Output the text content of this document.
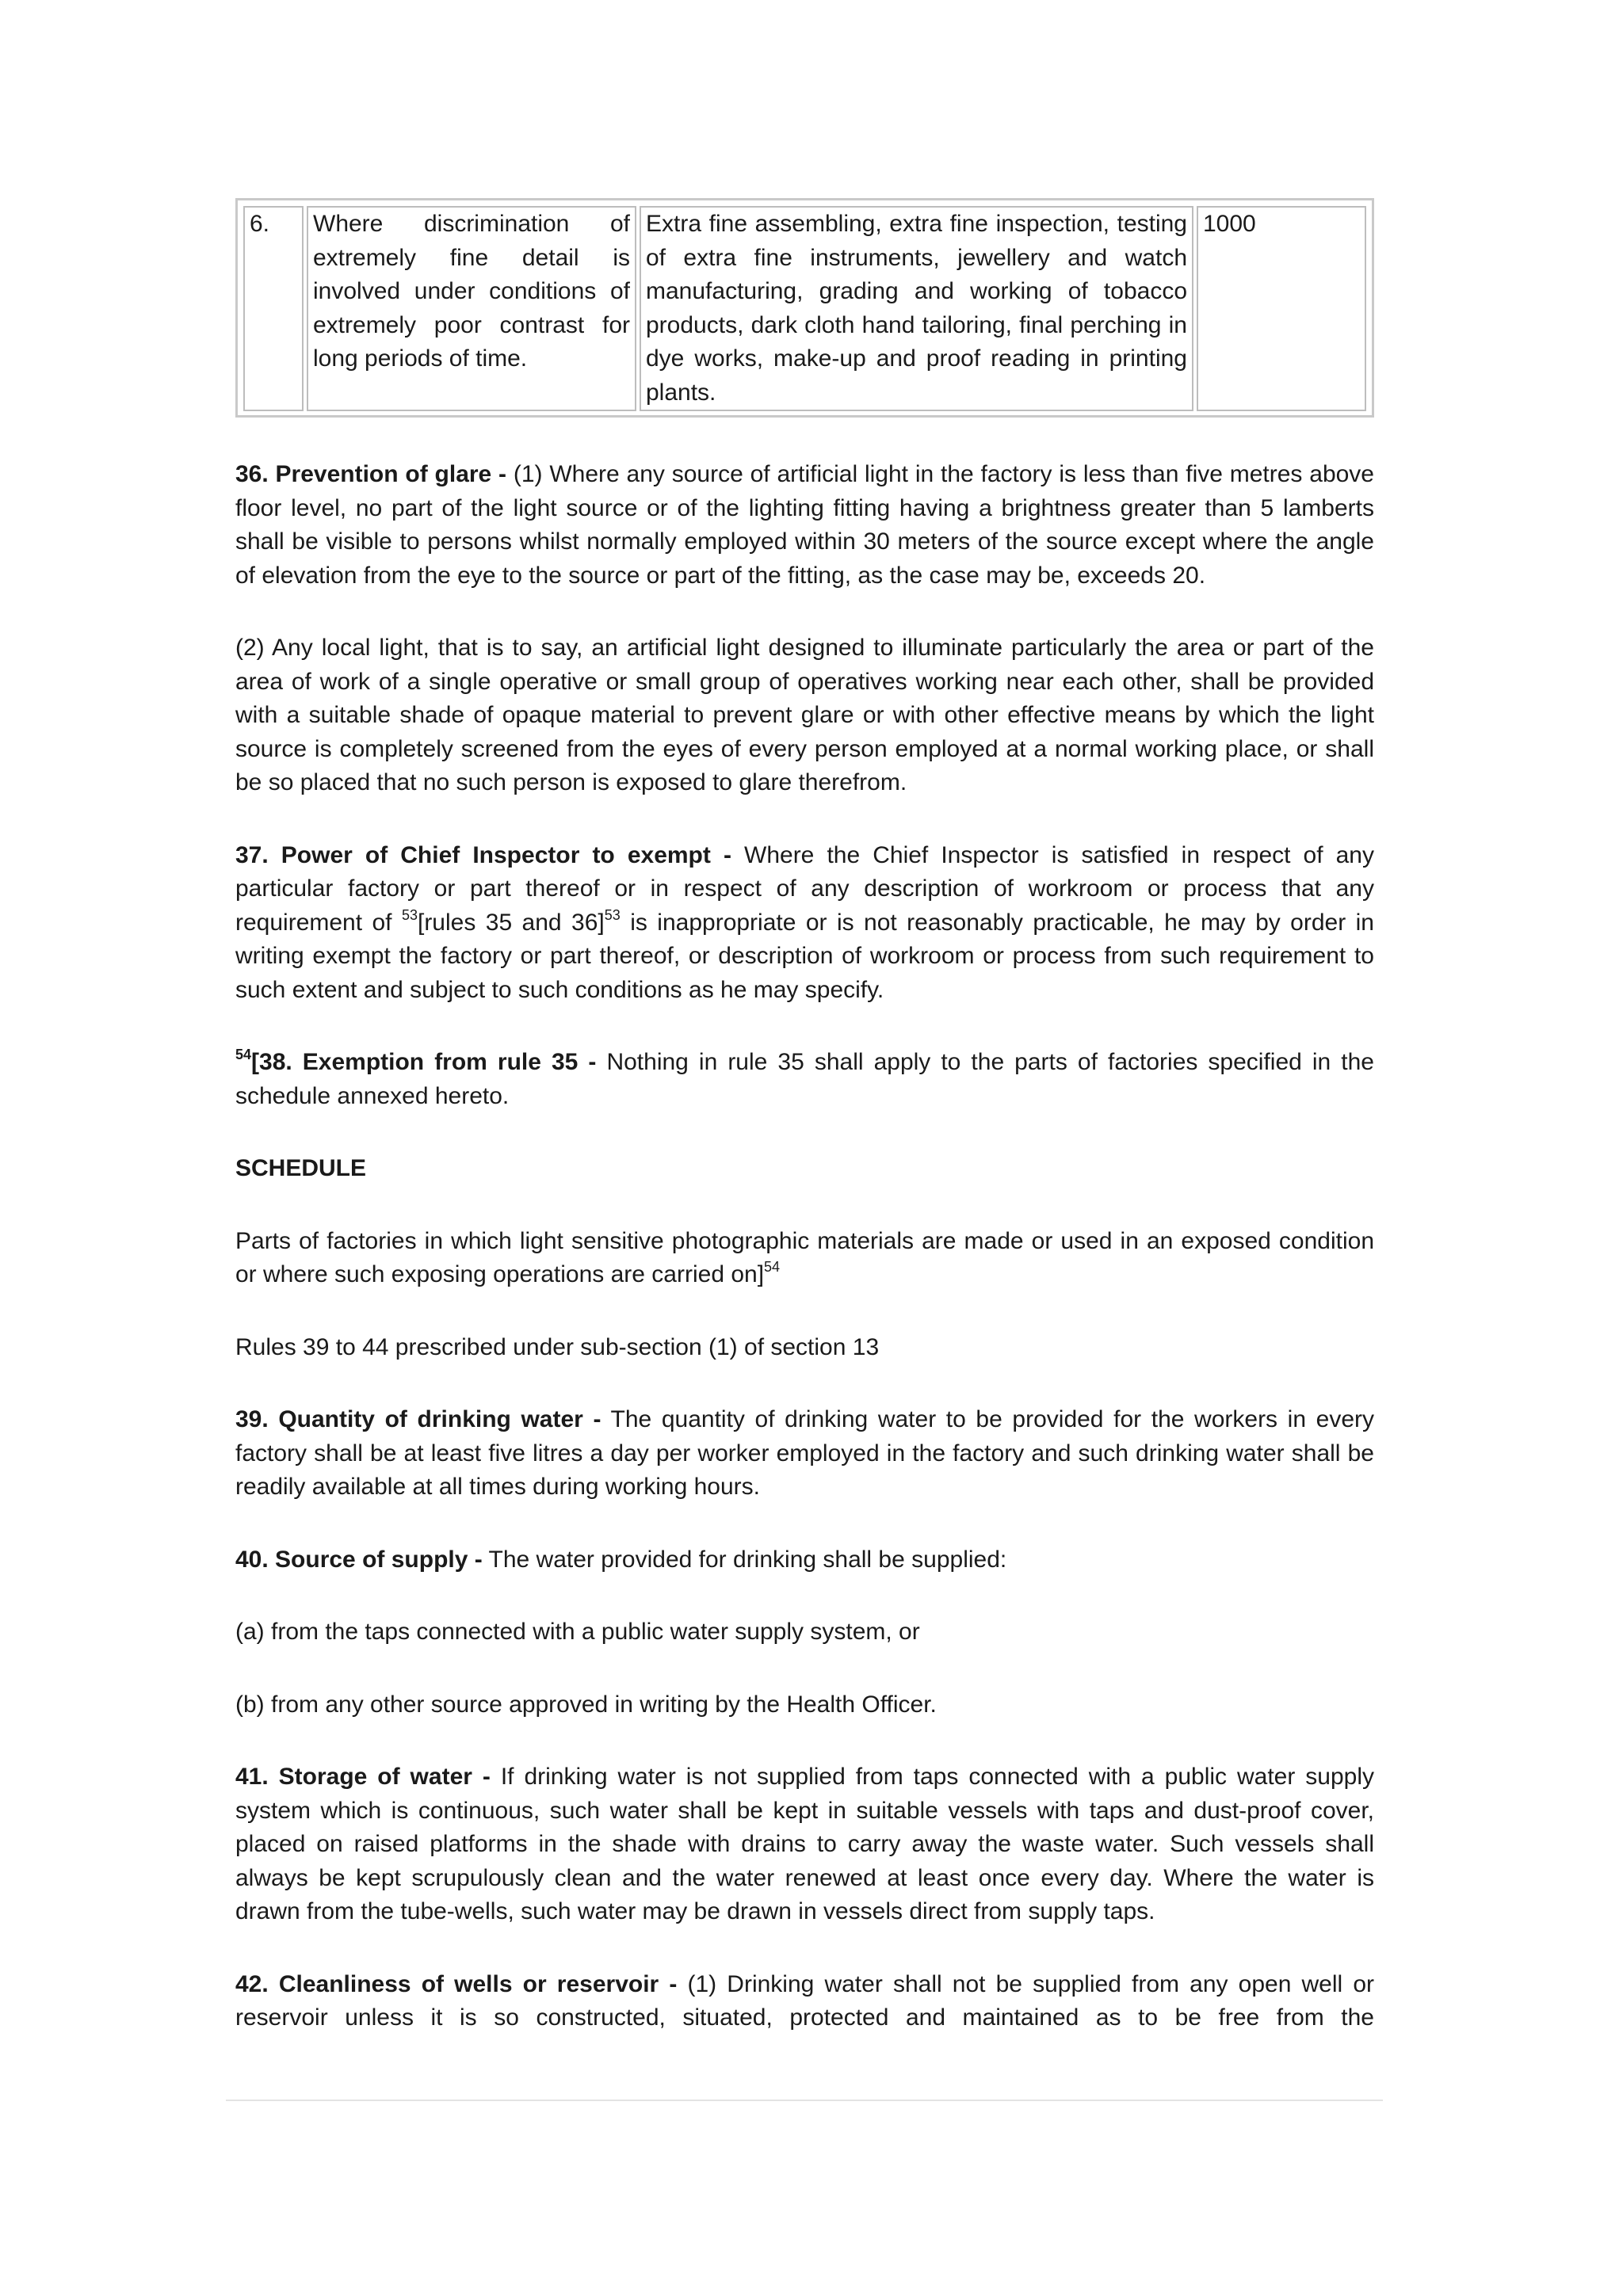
6.	Where discrimination of extremely fine detail is involved under conditions of extremely poor contrast for long periods of time.	Extra fine assembling, extra fine inspection, testing of extra fine instruments, jewellery and watch manufacturing, grading and working of tobacco products, dark cloth hand tailoring, final perching in dye works, make-up and proof reading in printing plants.	1000

36. Prevention of glare - (1) Where any source of artificial light in the factory is less than five metres above floor level, no part of the light source or of the lighting fitting having a brightness greater than 5 lamberts shall be visible to persons whilst normally employed within 30 meters of the source except where the angle of elevation from the eye to the source or part of the fitting, as the case may be, exceeds 20.

(2) Any local light, that is to say, an artificial light designed to illuminate particularly the area or part of the area of work of a single operative or small group of operatives working near each other, shall be provided with a suitable shade of opaque material to prevent glare or with other effective means by which the light source is completely screened from the eyes of every person employed at a normal working place, or shall be so placed that no such person is exposed to glare therefrom.

37. Power of Chief Inspector to exempt - Where the Chief Inspector is satisfied in respect of any particular factory or part thereof or in respect of any description of workroom or process that any requirement of $^{53}$[rules 35 and 36]$^{53}$ is inappropriate or is not reasonably practicable, he may by order in writing exempt the factory or part thereof, or description of workroom or process from such requirement to such extent and subject to such conditions as he may specify.

$^{54}$[38. Exemption from rule 35 - Nothing in rule 35 shall apply to the parts of factories specified in the schedule annexed hereto.

SCHEDULE

Parts of factories in which light sensitive photographic materials are made or used in an exposed condition or where such exposing operations are carried on]$^{54}$

Rules 39 to 44 prescribed under sub-section (1) of section 13

39. Quantity of drinking water - The quantity of drinking water to be provided for the workers in every factory shall be at least five litres a day per worker employed in the factory and such drinking water shall be readily available at all times during working hours.

40. Source of supply - The water provided for drinking shall be supplied:

(a) from the taps connected with a public water supply system, or

(b) from any other source approved in writing by the Health Officer.

41. Storage of water - If drinking water is not supplied from taps connected with a public water supply system which is continuous, such water shall be kept in suitable vessels with taps and dust-proof cover, placed on raised platforms in the shade with drains to carry away the waste water. Such vessels shall always be kept scrupulously clean and the water renewed at least once every day. Where the water is drawn from the tube-wells, such water may be drawn in vessels direct from supply taps.

42. Cleanliness of wells or reservoir - (1) Drinking water shall not be supplied from any open well or reservoir unless it is so constructed, situated, protected and maintained as to be free from the
